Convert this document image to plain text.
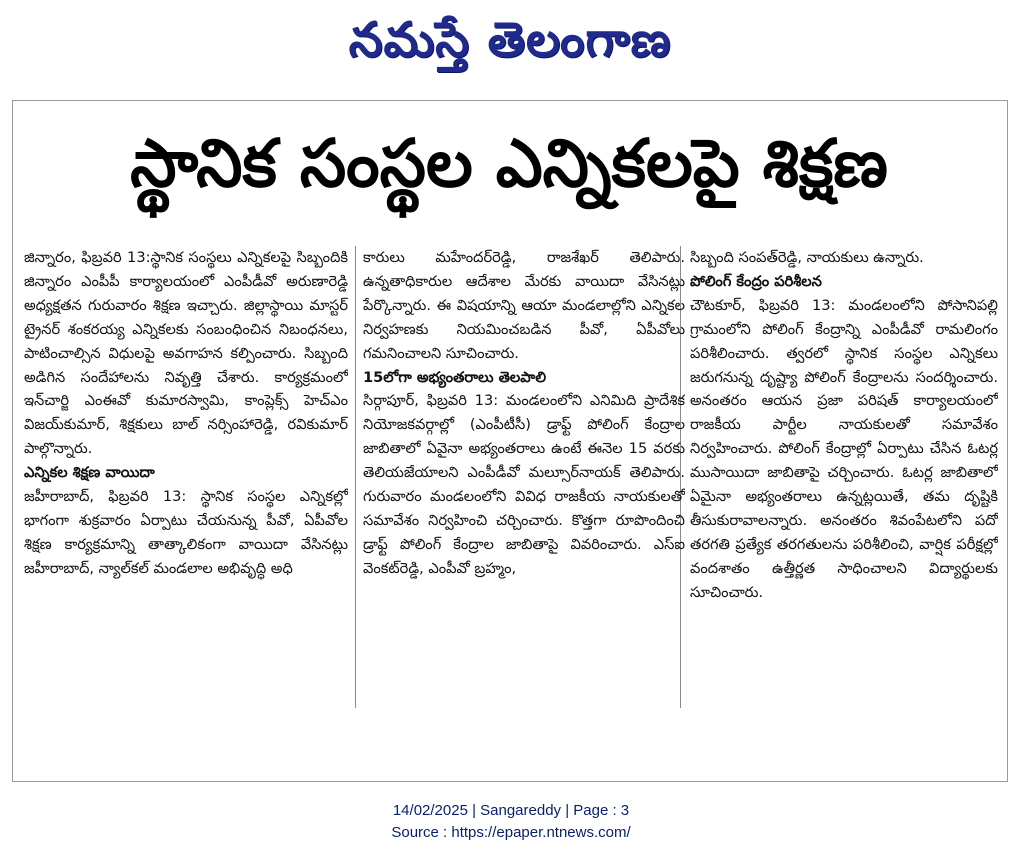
నమస్తే తెలంగాణ
స్థానిక సంస్థల ఎన్నికలపై శిక్షణ

జిన్నారం, ఫిబ్రవరి 13:స్థానిక సంస్థలు ఎన్నికలపై సిబ్బందికి జిన్నారం ఎంపీపీ కార్యాలయంలో ఎంపీడీవో అరుణారెడ్డి అధ్యక్షతన గురువారం శిక్షణ ఇచ్చారు. జిల్లాస్థాయి మాస్టర్ ట్రైనర్ శంకరయ్య ఎన్నికలకు సంబంధించిన నిబంధనలు, పాటించాల్సిన విధులపై అవగాహన కల్పించారు. సిబ్బంది అడిగిన సందేహాలను నివృత్తి చేశారు. కార్యక్రమంలో ఇన్‌చార్జి ఎంఈవో కుమారస్వామి, కాంప్లెక్స్ హెచ్ఎం విజయ్‌కుమార్, శిక్షకులు బాల్ నర్సింహారెడ్డి, రవికుమార్ పాల్గొన్నారు.

ఎన్నికల శిక్షణ వాయిదా

జహీరాబాద్, ఫిబ్రవరి 13: స్థానిక సంస్థల ఎన్నికల్లో భాగంగా శుక్రవారం ఏర్పాటు చేయనున్న పీవో, ఏపీవోల శిక్షణ కార్యక్రమాన్ని తాత్కాలికంగా వాయిదా వేసినట్లు జహీరాబాద్, న్యాల్‌కల్ మండలాల అభివృద్ధి అధి

కారులు మహేందర్‌రెడ్డి, రాజశేఖర్ తెలిపారు. ఉన్నతాధికారుల ఆదేశాల మేరకు వాయిదా వేసినట్లు పేర్కొన్నారు. ఈ విషయాన్ని ఆయా మండలాల్లోని ఎన్నికల నిర్వహణకు నియమించబడిన పీవో, ఏపీవోలు గమనించాలని సూచించారు.

15లోగా అభ్యంతరాలు తెలపాలి

సిర్గాపూర్, ఫిబ్రవరి 13: మండలంలోని ఎనిమిది ప్రాదేశిక నియోజకవర్గాల్లో (ఎంపీటీసీ) డ్రాఫ్ట్ పోలింగ్ కేంద్రాల జాబితాలో ఏవైనా అభ్యంతరాలు ఉంటే ఈనెల 15 వరకు తెలియజేయాలని ఎంపీడీవో మల్సూర్‌నాయక్ తెలిపారు. గురువారం మండలంలోని వివిధ రాజకీయ నాయకులతో సమావేశం నిర్వహించి చర్చించారు. కొత్తగా రూపొందించి డ్రాఫ్ట్ పోలింగ్ కేంద్రాల జాబితాపై వివరించారు. ఎస్ఐ వెంకట్‌రెడ్డి, ఎంపీవో బ్రహ్మం,

సిబ్బంది సంపత్‌రెడ్డి, నాయకులు ఉన్నారు.

పోలింగ్ కేంద్రం పరిశీలన

చౌటకూర్, ఫిబ్రవరి 13: మండలంలోని పోసానిపల్లి గ్రామంలోని పోలింగ్ కేంద్రాన్ని ఎంపీడీవో రామలింగం పరిశీలించారు. త్వరలో స్థానిక సంస్థల ఎన్నికలు జరుగనున్న దృష్ట్యా పోలింగ్ కేంద్రాలను సందర్శించారు. అనంతరం ఆయన ప్రజా పరిషత్ కార్యాలయంలో రాజకీయ పార్టీల నాయకులతో సమావేశం నిర్వహించారు. పోలింగ్ కేంద్రాల్లో ఏర్పాటు చేసిన ఓటర్ల ముసాయిదా జాబితాపై చర్చించారు. ఓటర్ల జాబితాలో ఏమైనా అభ్యంతరాలు ఉన్నట్లయితే, తమ దృష్టికి తీసుకురావాలన్నారు. అనంతరం శివంపేటలోని పదో తరగతి ప్రత్యేక తరగతులను పరిశీలించి, వార్షిక పరీక్షల్లో వందశాతం ఉత్తీర్ణత సాధించాలని విద్యార్థులకు సూచించారు.

14/02/2025 | Sangareddy | Page : 3
Source : https://epaper.ntnews.com/
